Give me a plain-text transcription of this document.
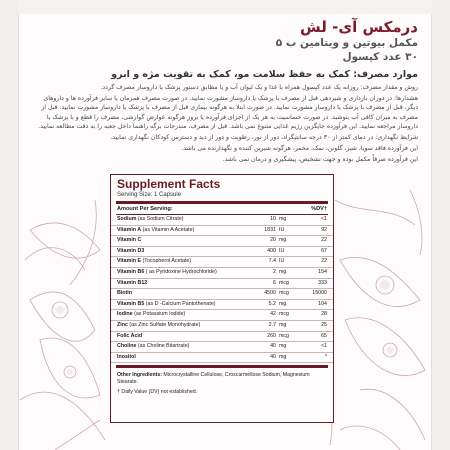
درمکس آی- لش
مکمل بیوتین و ویتامین ب ۵
۳۰ عدد کپسول
موارد مصرف: کمک به حفظ سلامت مو، کمک به تقویت مژه و ابرو
روش و مقدار مصرف: روزانه یک عدد کپسول همراه با غذا و یک لیوان آب و یا مطابق دستور پزشک یا داروساز مصرف گردد.
هشدارها: در دوران بارداری و شیردهی قبل از مصرف با پزشک یا داروساز مشورت نمایید. در صورت مصرف همزمان با سایر فرآورده ها و داروهای دیگر، قبل از مصرف با پزشک یا داروساز مشورت نمایید. در صورت ابتلا به هرگونه بیماری قبل از مصرف با پزشک یا داروساز مشورت نمایید. قبل از مصرف به میزان کافی آب بنوشید. در صورت حساسیت به هر یک از اجزای فرآورده یا بروز هرگونه عوارض گوارشی، مصرف را قطع و با پزشک یا داروساز مراجعه نمایید. این فرآورده جایگزین رژیم غذایی متنوع نمی باشد. قبل از مصرف، مندرجات برگه راهنما داخل جعبه را به دقت مطالعه نمایید.
شرایط نگهداری: در دمای کمتر از ۳۰ درجه سانتیگراد، دور از نور، رطوبت و دور از دید و دسترس کودکان نگهداری نمایید.
این فرآورده فاقد سویا، شیر، گلوتن، نمک، مخمر، هرگونه شیرین کننده و نگهدارنده می باشد.
این فرآورده صرفاً مکمل بوده و جهت تشخیص، پیشگیری و درمان نمی باشد.
Supplement Facts
Serving Size: 1 Capsule
Amount Per Serving:	%DV†
Sodium (as Sodium Citrate)	10 mg	<1
Vitamin A (as Vitamin A Acetate)	1831 IU	92
Vitamin C	20 mg	22
Vitamin D3	400 IU	67
Vitamin E (Tocopherol Acetate)	7.4 IU	22
Vitamin B6 ( as Pyridoxine Hydrochloride)	2 mg	154
Vitamin B12	6 mcg	333
Biotin	4500 mcg	15000
Vitamin B5 (as D -Calcium Pantothenate)	5.2 mg	104
Iodine (as Potassium Iodide)	42 mcg	28
Zinc (as Zinc Sulfate Monohydrate)	2.7 mg	25
Folic Acid	260 mcg	65
Choline (as Choline Bitartrate)	40 mg	<1
Inositol	40 mg	*
Other Ingredients: Microcrystalline Cellulose, Croscarmellose Sodium, Magnesium Stearate.
† Daily Value (DV) not established.
